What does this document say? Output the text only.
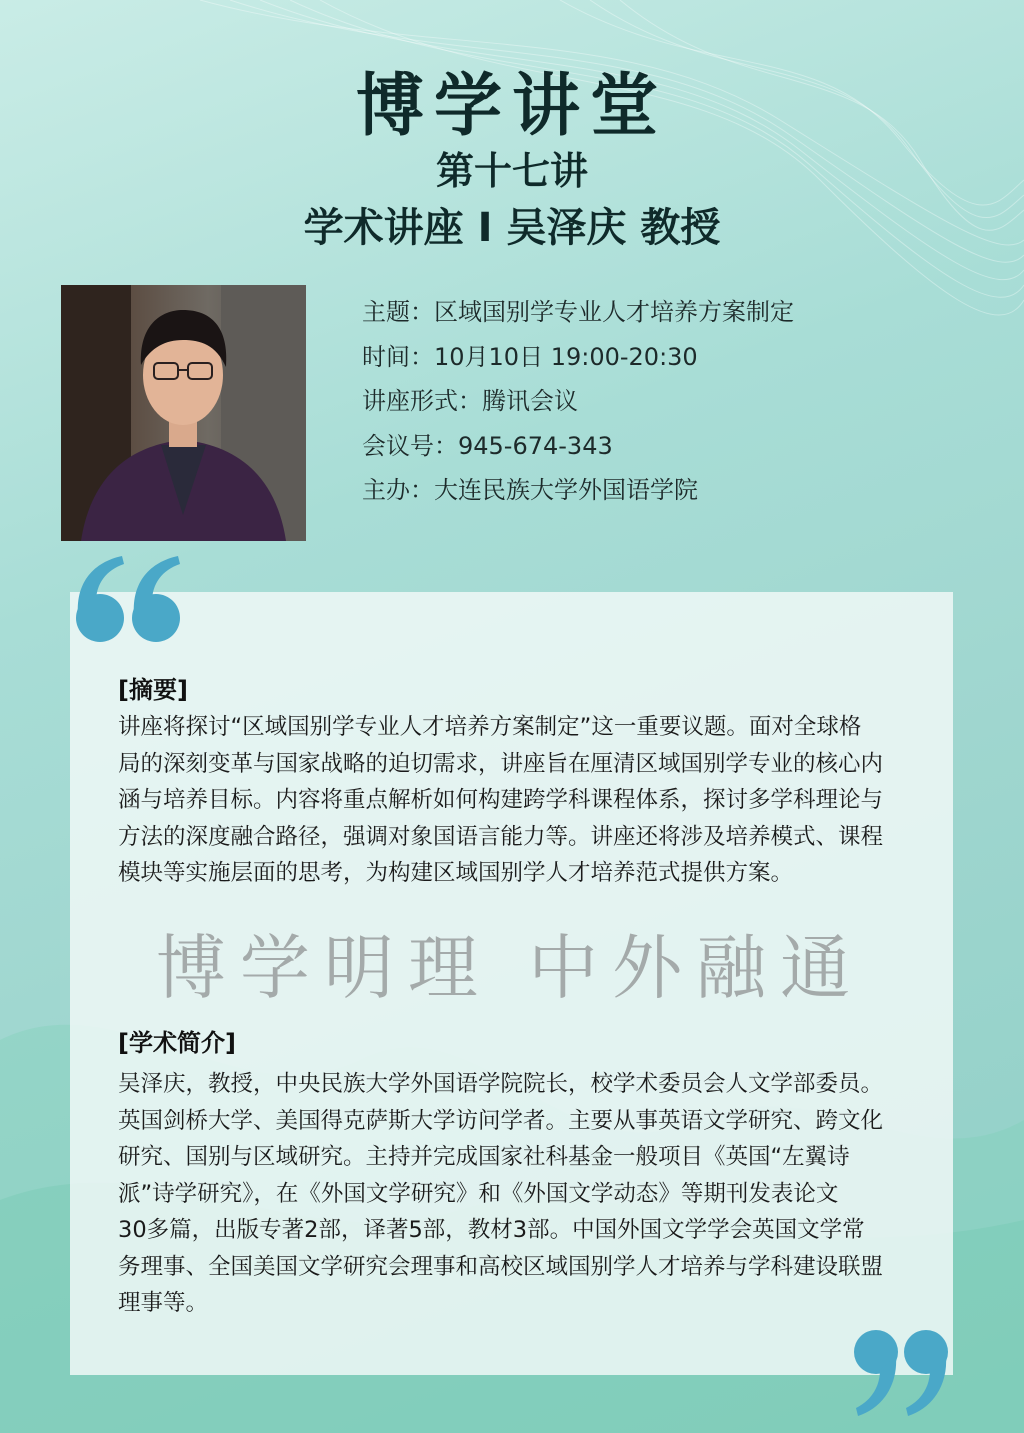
博学讲堂
第十七讲
学术讲座 I 吴泽庆 教授
主题：区域国别学专业人才培养方案制定
时间：10月10日 19:00-20:30
讲座形式：腾讯会议
会议号：945-674-343
主办：大连民族大学外国语学院
[摘要]
讲座将探讨“区域国别学专业人才培养方案制定”这一重要议题。面对全球格
局的深刻变革与国家战略的迫切需求，讲座旨在厘清区域国别学专业的核心内
涵与培养目标。内容将重点解析如何构建跨学科课程体系，探讨多学科理论与
方法的深度融合路径，强调对象国语言能力等。讲座还将涉及培养模式、课程
模块等实施层面的思考，为构建区域国别学人才培养范式提供方案。
博学明理 中外融通
[学术简介]
吴泽庆，教授，中央民族大学外国语学院院长，校学术委员会人文学部委员。
英国剑桥大学、美国得克萨斯大学访问学者。主要从事英语文学研究、跨文化
研究、国别与区域研究。主持并完成国家社科基金一般项目《英国“左翼诗
派”诗学研究》，在《外国文学研究》和《外国文学动态》等期刊发表论文
30多篇，出版专著2部，译著5部，教材3部。中国外国文学学会英国文学常
务理事、全国美国文学研究会理事和高校区域国别学人才培养与学科建设联盟
理事等。
